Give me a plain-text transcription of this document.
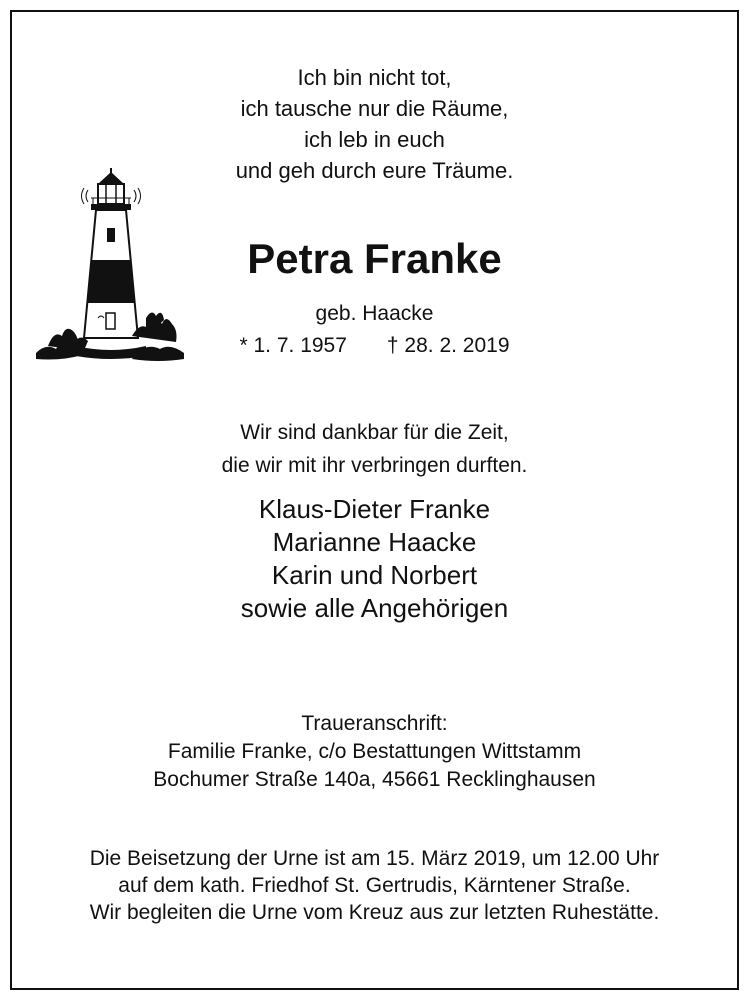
Ich bin nicht tot,
ich tausche nur die Räume,
ich leb in euch
und geh durch eure Träume.
Petra Franke
geb. Haacke
* 1. 7. 1957 † 28. 2. 2019
Wir sind dankbar für die Zeit,
die wir mit ihr verbringen durften.
Klaus-Dieter Franke
Marianne Haacke
Karin und Norbert
sowie alle Angehörigen
Traueranschrift:
Familie Franke, c/o Bestattungen Wittstamm
Bochumer Straße 140a, 45661 Recklinghausen
Die Beisetzung der Urne ist am 15. März 2019, um 12.00 Uhr
auf dem kath. Friedhof St. Gertrudis, Kärntener Straße.
Wir begleiten die Urne vom Kreuz aus zur letzten Ruhestätte.
